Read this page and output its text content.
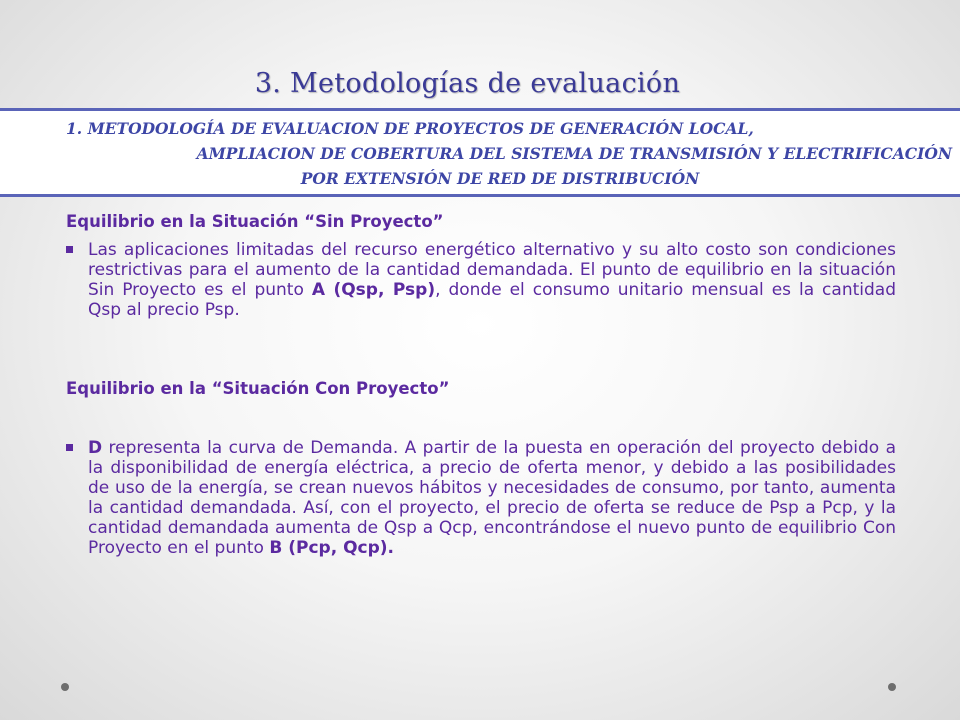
3. Metodologías de evaluación
1. METODOLOGÍA DE EVALUACION DE PROYECTOS DE GENERACIÓN LOCAL,
AMPLIACION DE COBERTURA DEL SISTEMA DE TRANSMISIÓN Y ELECTRIFICACIÓN
POR EXTENSIÓN DE RED DE DISTRIBUCIÓN

Equilibrio en la Situación “Sin Proyecto”

Las aplicaciones limitadas del recurso energético alternativo y su alto costo son condiciones restrictivas para el aumento de la cantidad demandada. El punto de equilibrio en la situación Sin Proyecto es el punto A (Qsp, Psp), donde el consumo unitario mensual es la cantidad Qsp al precio Psp.

Equilibrio en la “Situación Con Proyecto”

D representa la curva de Demanda. A partir de la puesta en operación del proyecto debido a la disponibilidad de energía eléctrica, a precio de oferta menor, y debido a las posibilidades de uso de la energía, se crean nuevos hábitos y necesidades de consumo, por tanto, aumenta la cantidad demandada. Así, con el proyecto, el precio de oferta se reduce de Psp a Pcp, y la cantidad demandada aumenta de Qsp a Qcp, encontrándose el nuevo punto de equilibrio Con Proyecto en el punto B (Pcp, Qcp).
